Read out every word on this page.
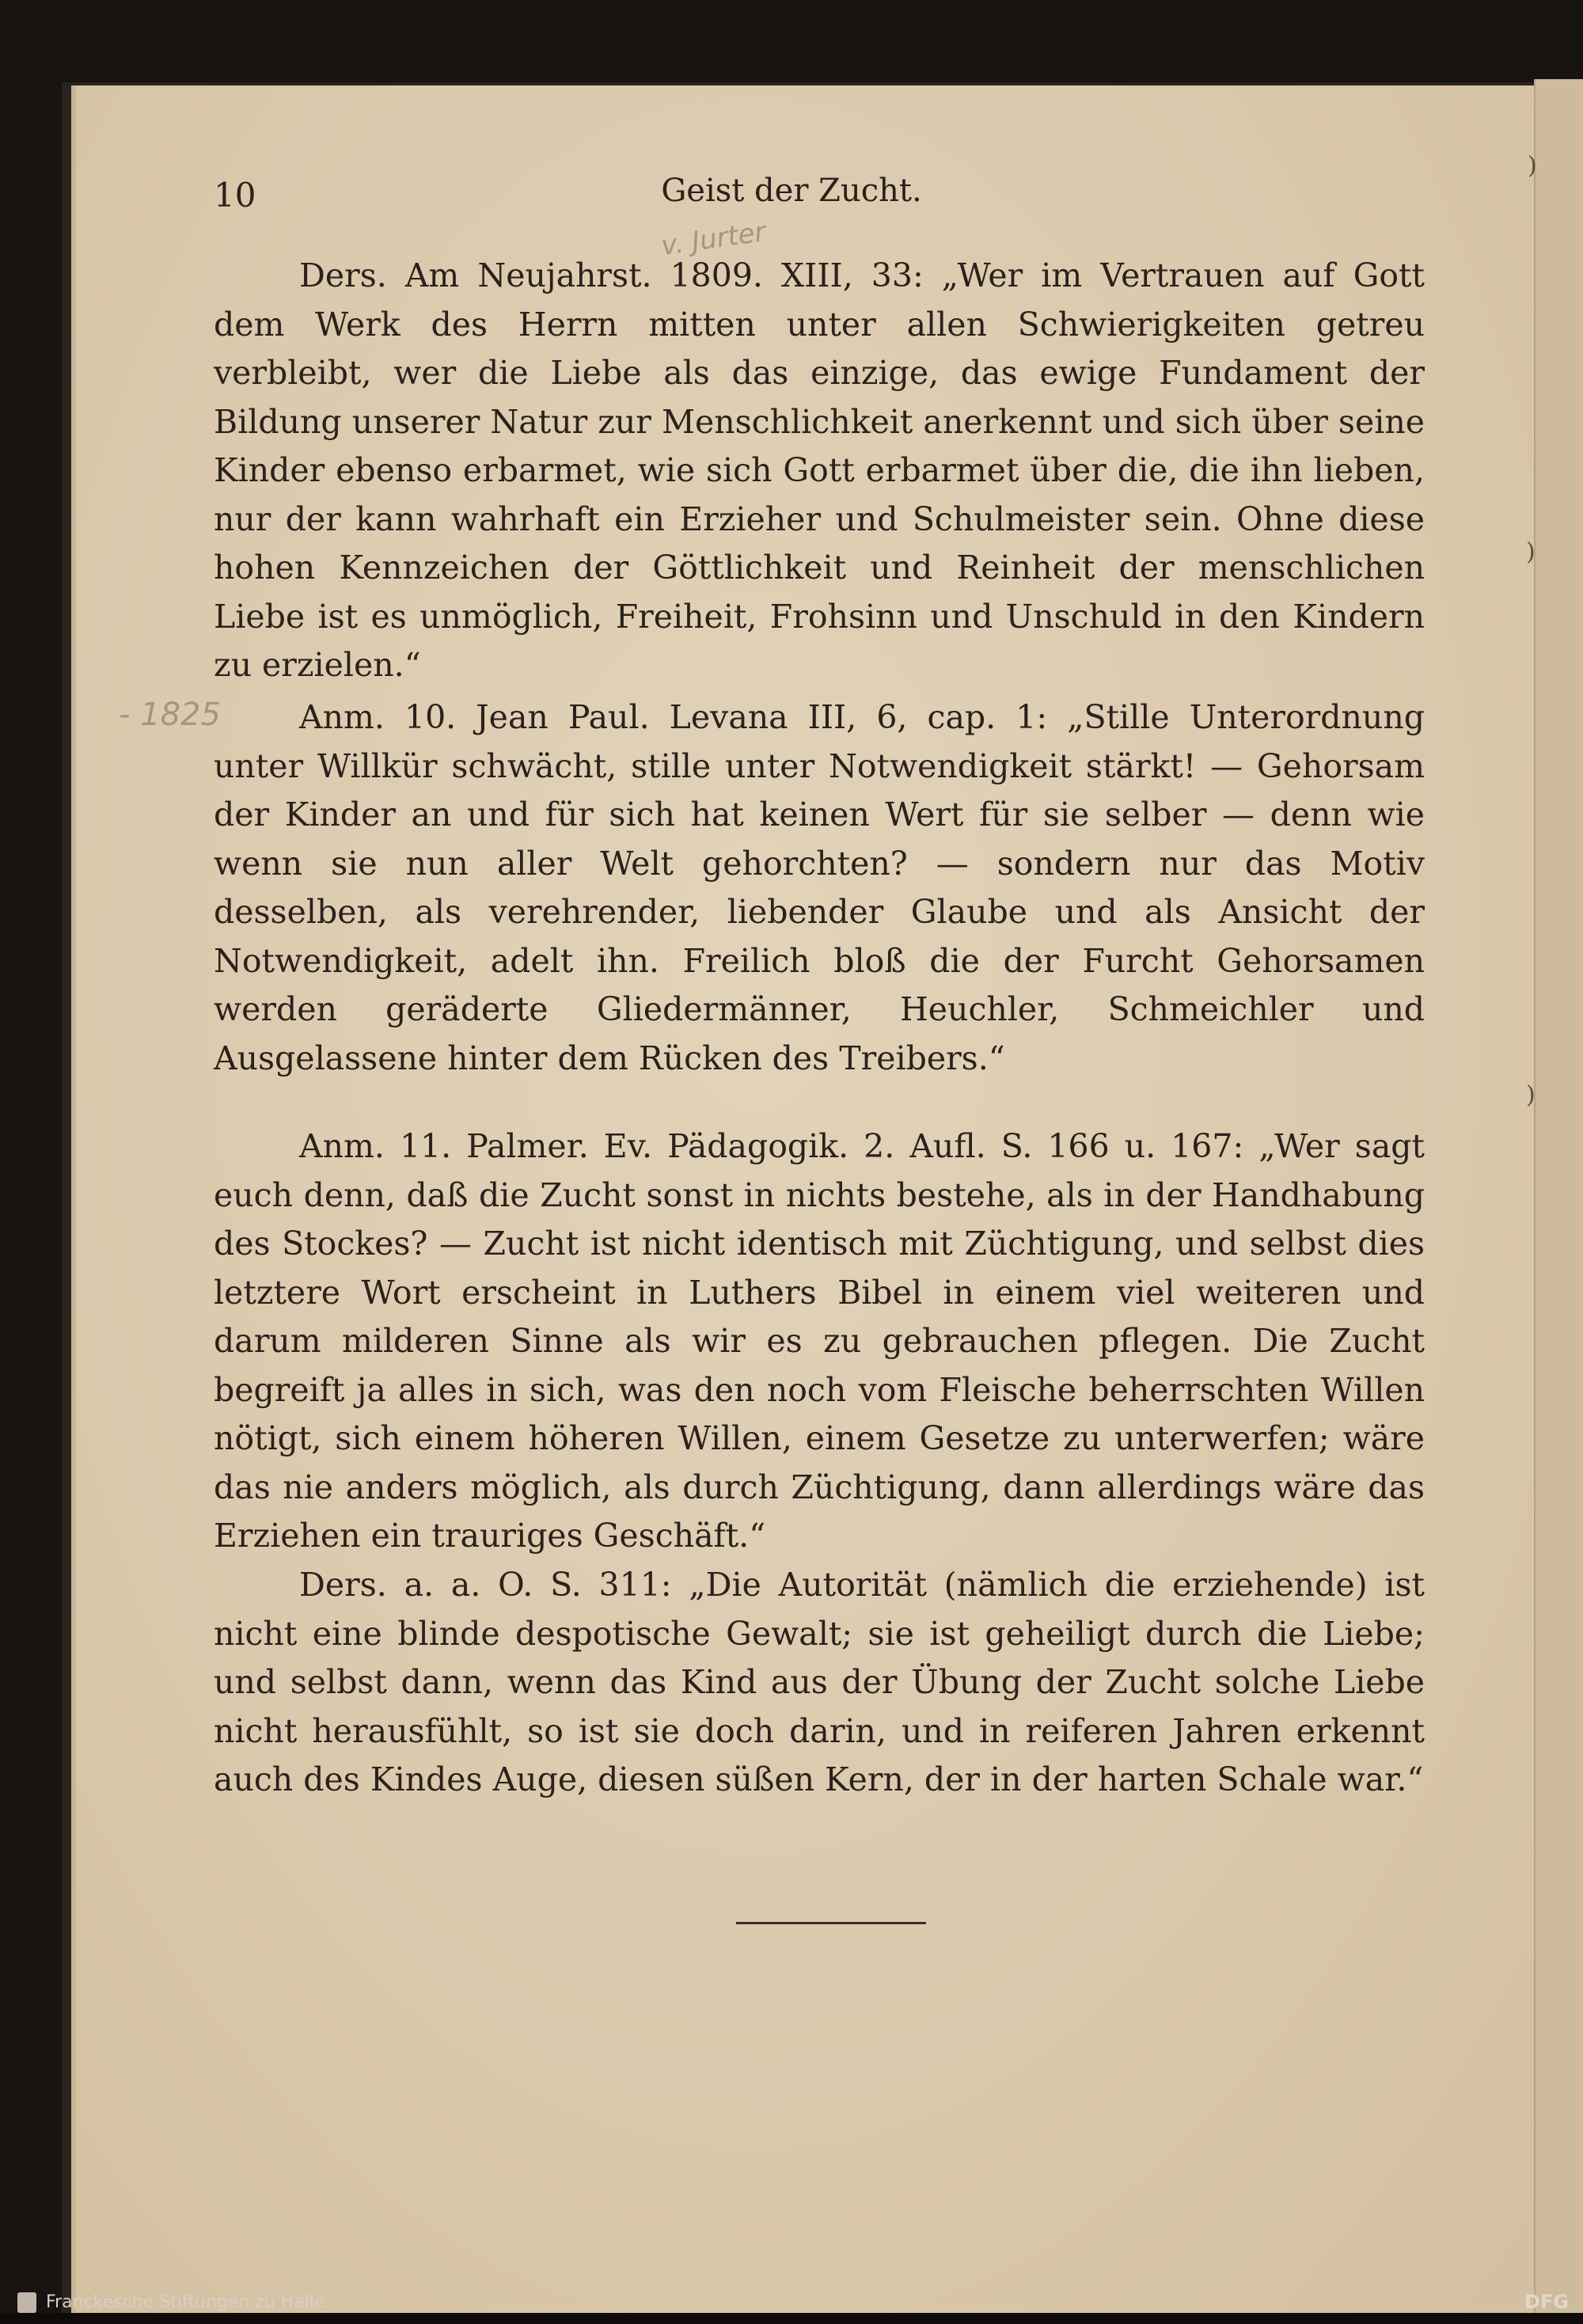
)
)
)
10	Geist der Zucht.
v. Jurter
- 1825

Ders. Am Neujahrst. 1809. XIII, 33: „Wer im Vertrauen auf Gott dem Werk des Herrn mitten unter allen Schwierigkeiten getreu verbleibt, wer die Liebe als das einzige, das ewige Fundament der Bildung unserer Natur zur Menschlichkeit anerkennt und sich über seine Kinder ebenso erbarmet, wie sich Gott erbarmet über die, die ihn lieben, nur der kann wahrhaft ein Erzieher und Schulmeister sein. Ohne diese hohen Kennzeichen der Göttlichkeit und Reinheit der menschlichen Liebe ist es unmöglich, Freiheit, Frohsinn und Unschuld in den Kindern zu erzielen.“

Anm. 10. Jean Paul. Levana III, 6, cap. 1: „Stille Unterordnung unter Willkür schwächt, stille unter Notwendigkeit stärkt! — Gehorsam der Kinder an und für sich hat keinen Wert für sie selber — denn wie wenn sie nun aller Welt gehorchten? — sondern nur das Motiv desselben, als verehrender, liebender Glaube und als Ansicht der Notwendigkeit, adelt ihn. Freilich bloß die der Furcht Gehorsamen werden geräderte Gliedermänner, Heuchler, Schmeichler und Ausgelassene hinter dem Rücken des Treibers.“

Anm. 11. Palmer. Ev. Pädagogik. 2. Aufl. S. 166 u. 167: „Wer sagt euch denn, daß die Zucht sonst in nichts bestehe, als in der Handhabung des Stockes? — Zucht ist nicht identisch mit Züchtigung, und selbst dies letztere Wort erscheint in Luthers Bibel in einem viel weiteren und darum milderen Sinne als wir es zu gebrauchen pflegen. Die Zucht begreift ja alles in sich, was den noch vom Fleische beherrschten Willen nötigt, sich einem höheren Willen, einem Gesetze zu unterwerfen; wäre das nie anders möglich, als durch Züchtigung, dann allerdings wäre das Erziehen ein trauriges Geschäft.“

Ders. a. a. O. S. 311: „Die Autorität (nämlich die erziehende) ist nicht eine blinde despotische Gewalt; sie ist geheiligt durch die Liebe; und selbst dann, wenn das Kind aus der Übung der Zucht solche Liebe nicht herausfühlt, so ist sie doch darin, und in reiferen Jahren erkennt auch des Kindes Auge, diesen süßen Kern, der in der harten Schale war.“

Franckesche Stiftungen zu Halle	DFG
